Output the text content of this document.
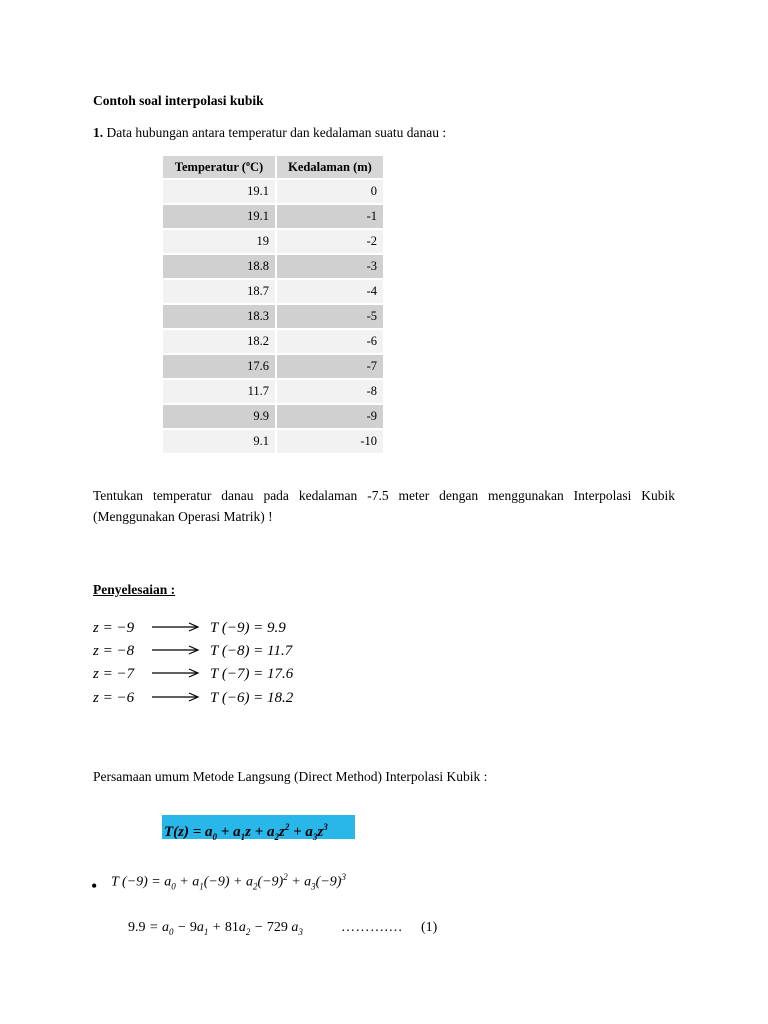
Contoh soal interpolasi kubik
1. Data hubungan antara temperatur dan kedalaman suatu danau :
Temperatur ($^o$C)	Kedalaman (m)
19.1	0
19.1	-1
19	-2
18.8	-3
18.7	-4
18.3	-5
18.2	-6
17.6	-7
11.7	-8
9.9	-9
9.1	-10
Tentukan temperatur danau pada kedalaman -7.5 meter dengan menggunakan Interpolasi Kubik
(Menggunakan Operasi Matrik) !
Penyelesaian :
z = −9	T (−9) = 9.9
z = −8	T (−8) = 11.7
z = −7	T (−7) = 17.6
z = −6	T (−6) = 18.2
Persamaan umum Metode Langsung (Direct Method) Interpolasi Kubik :
$T(z) = a_0 + a_1z + a_2z^2 + a_3z^3$
• T $(-9) = a_0 + a_1(-9) + a_2(-9)^2 + a_3(-9)^3$
$9.9 = a_0 - 9a_1 + 81a_2 - 729$ $a_3$	……….… (1)
